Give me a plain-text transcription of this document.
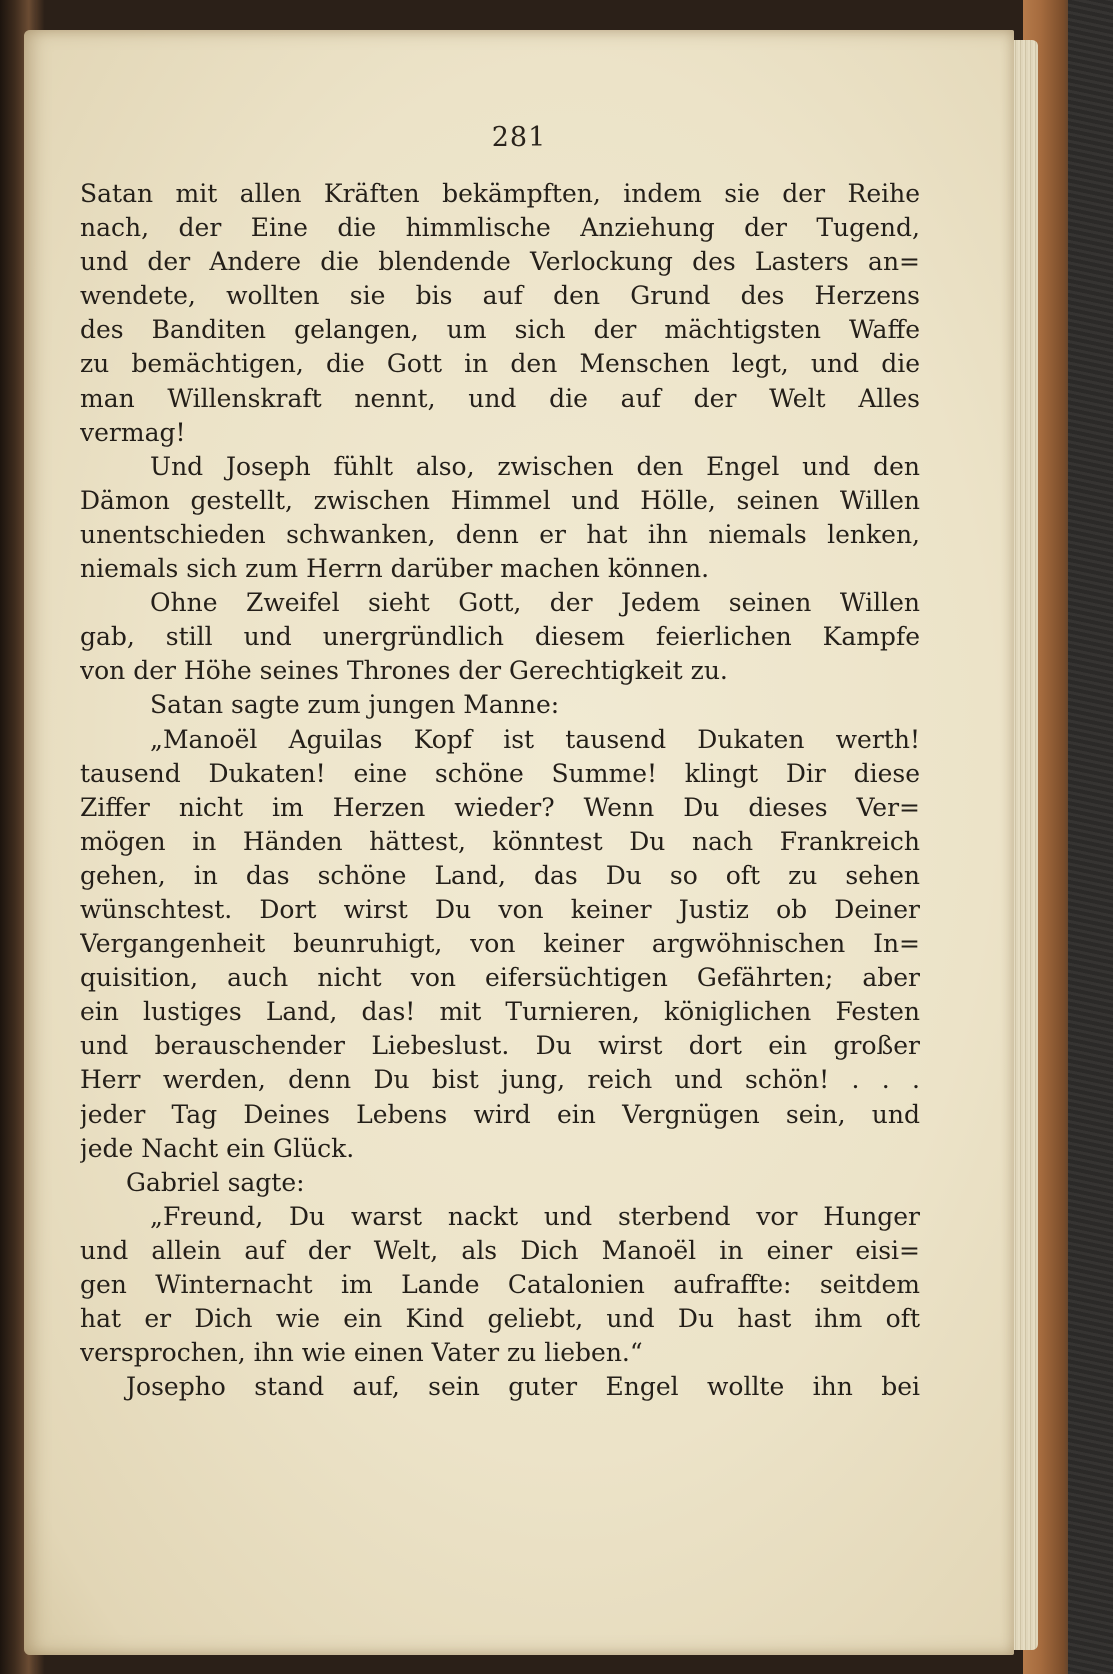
281
Satan mit allen Kräften bekämpften, indem sie der Reihe
nach, der Eine die himmlische Anziehung der Tugend,
und der Andere die blendende Verlockung des Lasters an=
wendete, wollten sie bis auf den Grund des Herzens
des Banditen gelangen, um sich der mächtigsten Waffe
zu bemächtigen, die Gott in den Menschen legt, und die
man Willenskraft nennt, und die auf der Welt Alles
vermag!
Und Joseph fühlt also, zwischen den Engel und den
Dämon gestellt, zwischen Himmel und Hölle, seinen Willen
unentschieden schwanken, denn er hat ihn niemals lenken,
niemals sich zum Herrn darüber machen können.
Ohne Zweifel sieht Gott, der Jedem seinen Willen
gab, still und unergründlich diesem feierlichen Kampfe
von der Höhe seines Thrones der Gerechtigkeit zu.
Satan sagte zum jungen Manne:
„Manoël Aguilas Kopf ist tausend Dukaten werth!
tausend Dukaten! eine schöne Summe! klingt Dir diese
Ziffer nicht im Herzen wieder? Wenn Du dieses Ver=
mögen in Händen hättest, könntest Du nach Frankreich
gehen, in das schöne Land, das Du so oft zu sehen
wünschtest. Dort wirst Du von keiner Justiz ob Deiner
Vergangenheit beunruhigt, von keiner argwöhnischen In=
quisition, auch nicht von eifersüchtigen Gefährten; aber
ein lustiges Land, das! mit Turnieren, königlichen Festen
und berauschender Liebeslust. Du wirst dort ein großer
Herr werden, denn Du bist jung, reich und schön! . . .
jeder Tag Deines Lebens wird ein Vergnügen sein, und
jede Nacht ein Glück.
Gabriel sagte:
„Freund, Du warst nackt und sterbend vor Hunger
und allein auf der Welt, als Dich Manoël in einer eisi=
gen Winternacht im Lande Catalonien aufraffte: seitdem
hat er Dich wie ein Kind geliebt, und Du hast ihm oft
versprochen, ihn wie einen Vater zu lieben.“
Josepho stand auf, sein guter Engel wollte ihn bei
